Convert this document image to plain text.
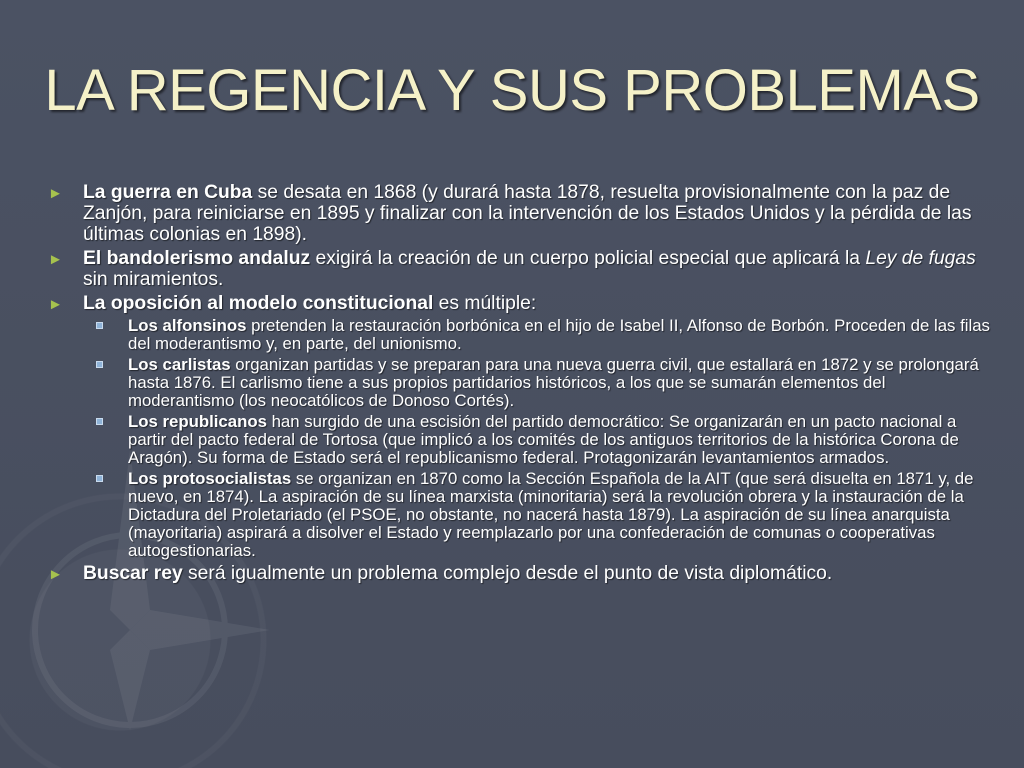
LA REGENCIA Y SUS PROBLEMAS
► La guerra en Cuba se desata en 1868 (y durará hasta 1878, resuelta provisionalmente con la paz de Zanjón, para reiniciarse en 1895 y finalizar con la intervención de los Estados Unidos y la pérdida de las últimas colonias en 1898).
► El bandolerismo andaluz exigirá la creación de un cuerpo policial especial que aplicará la Ley de fugas sin miramientos.
► La oposición al modelo constitucional es múltiple:
Los alfonsinos pretenden la restauración borbónica en el hijo de Isabel II, Alfonso de Borbón. Proceden de las filas del moderantismo y, en parte, del unionismo.
Los carlistas organizan partidas y se preparan para una nueva guerra civil, que estallará en 1872 y se prolongará hasta 1876. El carlismo tiene a sus propios partidarios históricos, a los que se sumarán elementos del moderantismo (los neocatólicos de Donoso Cortés).
Los republicanos han surgido de una escisión del partido democrático: Se organizarán en un pacto nacional a partir del pacto federal de Tortosa (que implicó a los comités de los antiguos territorios de la histórica Corona de Aragón). Su forma de Estado será el republicanismo federal. Protagonizarán levantamientos armados.
Los protosocialistas se organizan en 1870 como la Sección Española de la AIT (que será disuelta en 1871 y, de nuevo, en 1874). La aspiración de su línea marxista (minoritaria) será la revolución obrera y la instauración de la Dictadura del Proletariado (el PSOE, no obstante, no nacerá hasta 1879). La aspiración de su línea anarquista (mayoritaria) aspirará a disolver el Estado y reemplazarlo por una confederación de comunas o cooperativas autogestionarias.
► Buscar rey será igualmente un problema complejo desde el punto de vista diplomático.
